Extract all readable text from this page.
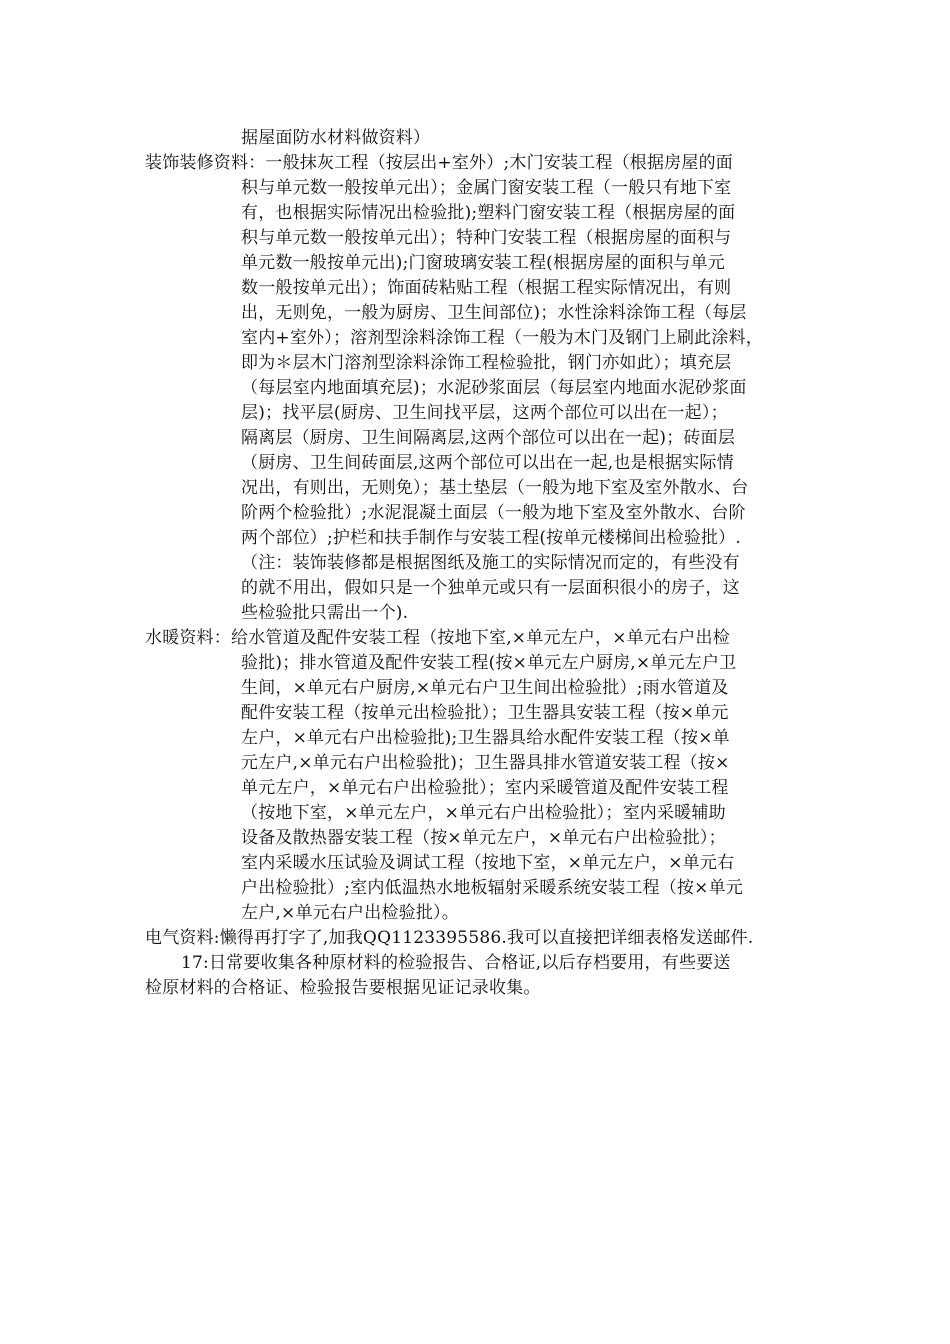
据屋面防水材料做资料）
装饰装修资料：一般抹灰工程（按层出+室外）;木门安装工程（根据房屋的面
积与单元数一般按单元出）；金属门窗安装工程（一般只有地下室
有，也根据实际情况出检验批);塑料门窗安装工程（根据房屋的面
积与单元数一般按单元出）；特种门安装工程（根据房屋的面积与
单元数一般按单元出);门窗玻璃安装工程(根据房屋的面积与单元
数一般按单元出）；饰面砖粘贴工程（根据工程实际情况出，有则
出，无则免，一般为厨房、卫生间部位)；水性涂料涂饰工程（每层
室内+室外）；溶剂型涂料涂饰工程（一般为木门及钢门上刷此涂料，
即为＊层木门溶剂型涂料涂饰工程检验批，钢门亦如此）；填充层
（每层室内地面填充层)；水泥砂浆面层（每层室内地面水泥砂浆面
层)；找平层(厨房、卫生间找平层，这两个部位可以出在一起）；
隔离层（厨房、卫生间隔离层,这两个部位可以出在一起)；砖面层
（厨房、卫生间砖面层,这两个部位可以出在一起,也是根据实际情
况出，有则出，无则免）；基土垫层（一般为地下室及室外散水、台
阶两个检验批）;水泥混凝土面层（一般为地下室及室外散水、台阶
两个部位）;护栏和扶手制作与安装工程(按单元楼梯间出检验批）.
（注：装饰装修都是根据图纸及施工的实际情况而定的，有些没有
的就不用出，假如只是一个独单元或只有一层面积很小的房子，这
些检验批只需出一个).
水暖资料：给水管道及配件安装工程（按地下室,×单元左户，×单元右户出检
验批)；排水管道及配件安装工程(按×单元左户厨房,×单元左户卫
生间，×单元右户厨房,×单元右户卫生间出检验批）;雨水管道及
配件安装工程（按单元出检验批）；卫生器具安装工程（按×单元
左户，×单元右户出检验批);卫生器具给水配件安装工程（按×单
元左户,×单元右户出检验批)；卫生器具排水管道安装工程（按×
单元左户，×单元右户出检验批）；室内采暖管道及配件安装工程
（按地下室，×单元左户，×单元右户出检验批）；室内采暖辅助
设备及散热器安装工程（按×单元左户，×单元右户出检验批）；
室内采暖水压试验及调试工程（按地下室，×单元左户，×单元右
户出检验批）;室内低温热水地板辐射采暖系统安装工程（按×单元
左户,×单元右户出检验批）。
电气资料:懒得再打字了,加我QQ1123395586.我可以直接把详细表格发送邮件.
17:日常要收集各种原材料的检验报告、合格证,以后存档要用，有些要送
检原材料的合格证、检验报告要根据见证记录收集。
